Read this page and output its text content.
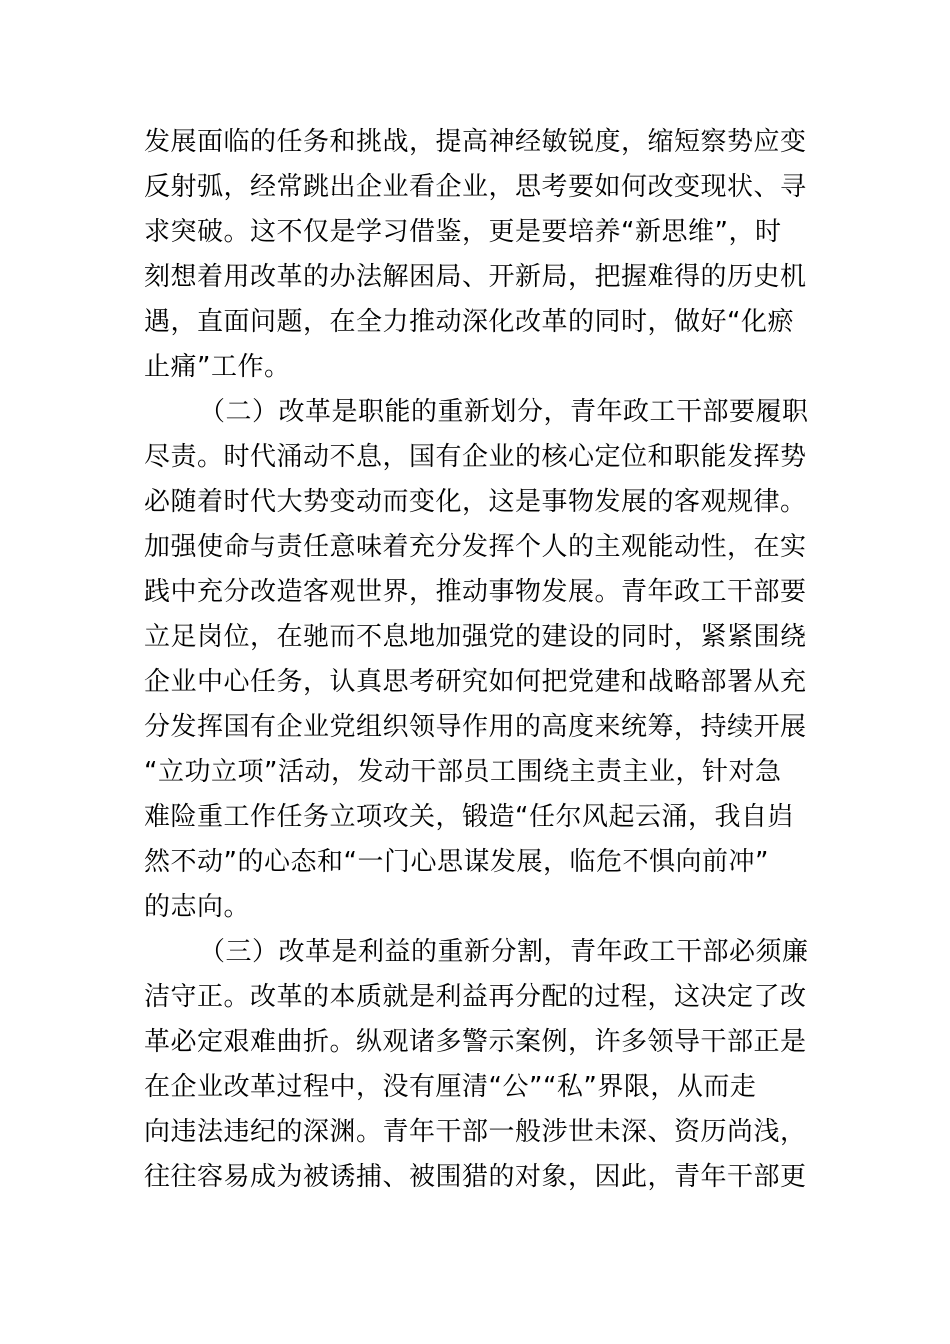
发展面临的任务和挑战，提高神经敏锐度，缩短察势应变
反射弧，经常跳出企业看企业，思考要如何改变现状、寻
求突破。这不仅是学习借鉴，更是要培养“新思维”，时
刻想着用改革的办法解困局、开新局，把握难得的历史机
遇，直面问题，在全力推动深化改革的同时，做好“化瘀
止痛”工作。
（二）改革是职能的重新划分，青年政工干部要履职
尽责。时代涌动不息，国有企业的核心定位和职能发挥势
必随着时代大势变动而变化，这是事物发展的客观规律。
加强使命与责任意味着充分发挥个人的主观能动性，在实
践中充分改造客观世界，推动事物发展。青年政工干部要
立足岗位，在驰而不息地加强党的建设的同时，紧紧围绕
企业中心任务，认真思考研究如何把党建和战略部署从充
分发挥国有企业党组织领导作用的高度来统筹，持续开展
“立功立项”活动，发动干部员工围绕主责主业，针对急
难险重工作任务立项攻关，锻造“任尔风起云涌，我自岿
然不动”的心态和“一门心思谋发展，临危不惧向前冲”
的志向。
（三）改革是利益的重新分割，青年政工干部必须廉
洁守正。改革的本质就是利益再分配的过程，这决定了改
革必定艰难曲折。纵观诸多警示案例，许多领导干部正是
在企业改革过程中，没有厘清“公”“私”界限，从而走
向违法违纪的深渊。青年干部一般涉世未深、资历尚浅，
往往容易成为被诱捕、被围猎的对象，因此，青年干部更
